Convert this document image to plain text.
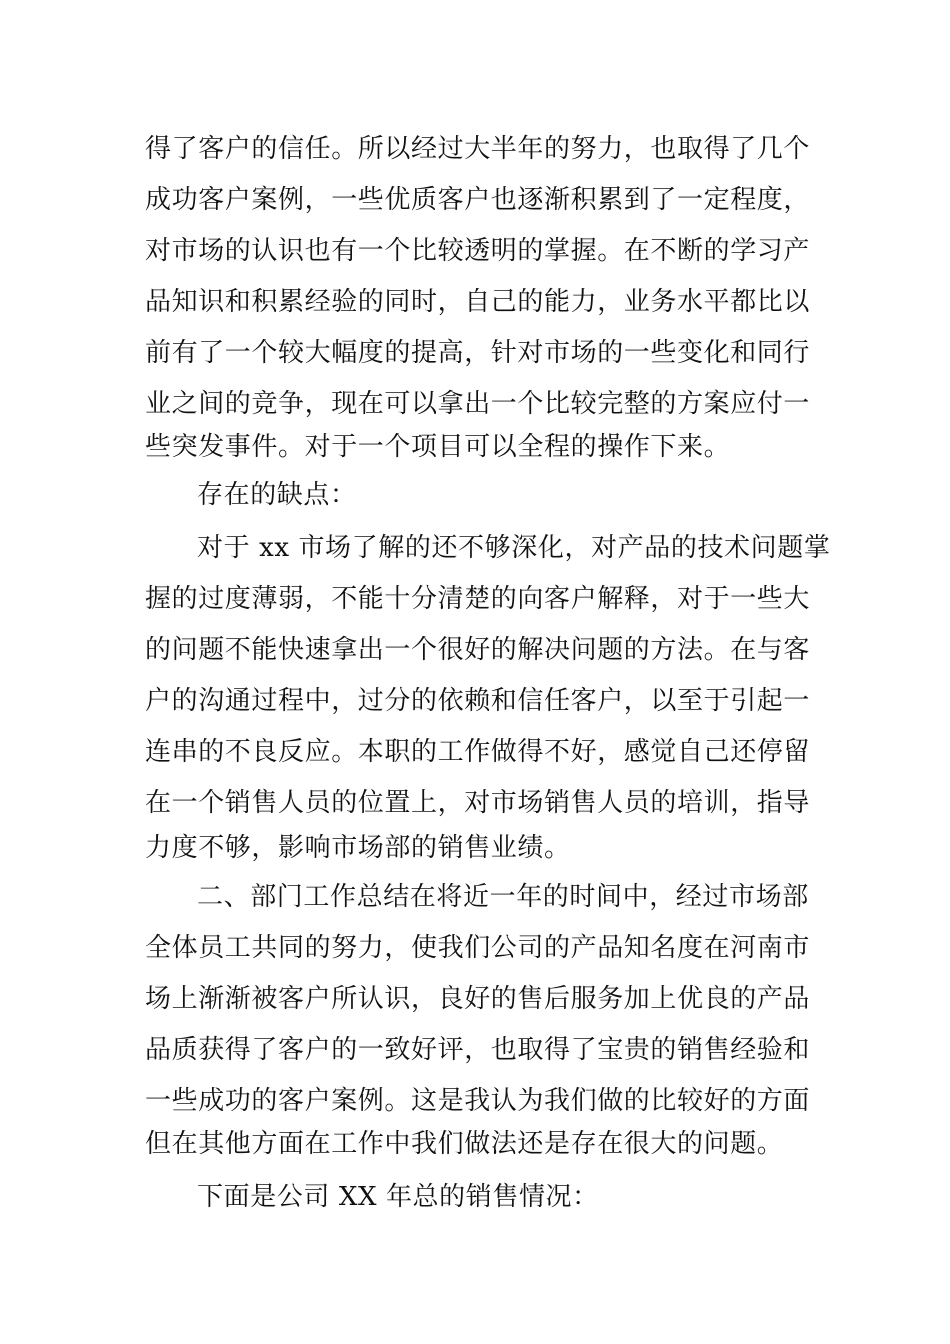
得了客户的信任。所以经过大半年的努力，也取得了几个
成功客户案例，一些优质客户也逐渐积累到了一定程度，
对市场的认识也有一个比较透明的掌握。在不断的学习产
品知识和积累经验的同时，自己的能力，业务水平都比以
前有了一个较大幅度的提高，针对市场的一些变化和同行
业之间的竞争，现在可以拿出一个比较完整的方案应付一
些突发事件。对于一个项目可以全程的操作下来。
存在的缺点：
对于 xx 市场了解的还不够深化，对产品的技术问题掌
握的过度薄弱，不能十分清楚的向客户解释，对于一些大
的问题不能快速拿出一个很好的解决问题的方法。在与客
户的沟通过程中，过分的依赖和信任客户，以至于引起一
连串的不良反应。本职的工作做得不好，感觉自己还停留
在一个销售人员的位置上，对市场销售人员的培训，指导
力度不够，影响市场部的销售业绩。
二、部门工作总结在将近一年的时间中，经过市场部
全体员工共同的努力，使我们公司的产品知名度在河南市
场上渐渐被客户所认识，良好的售后服务加上优良的产品
品质获得了客户的一致好评，也取得了宝贵的销售经验和
一些成功的客户案例。这是我认为我们做的比较好的方面
但在其他方面在工作中我们做法还是存在很大的问题。
下面是公司 XX 年总的销售情况：
